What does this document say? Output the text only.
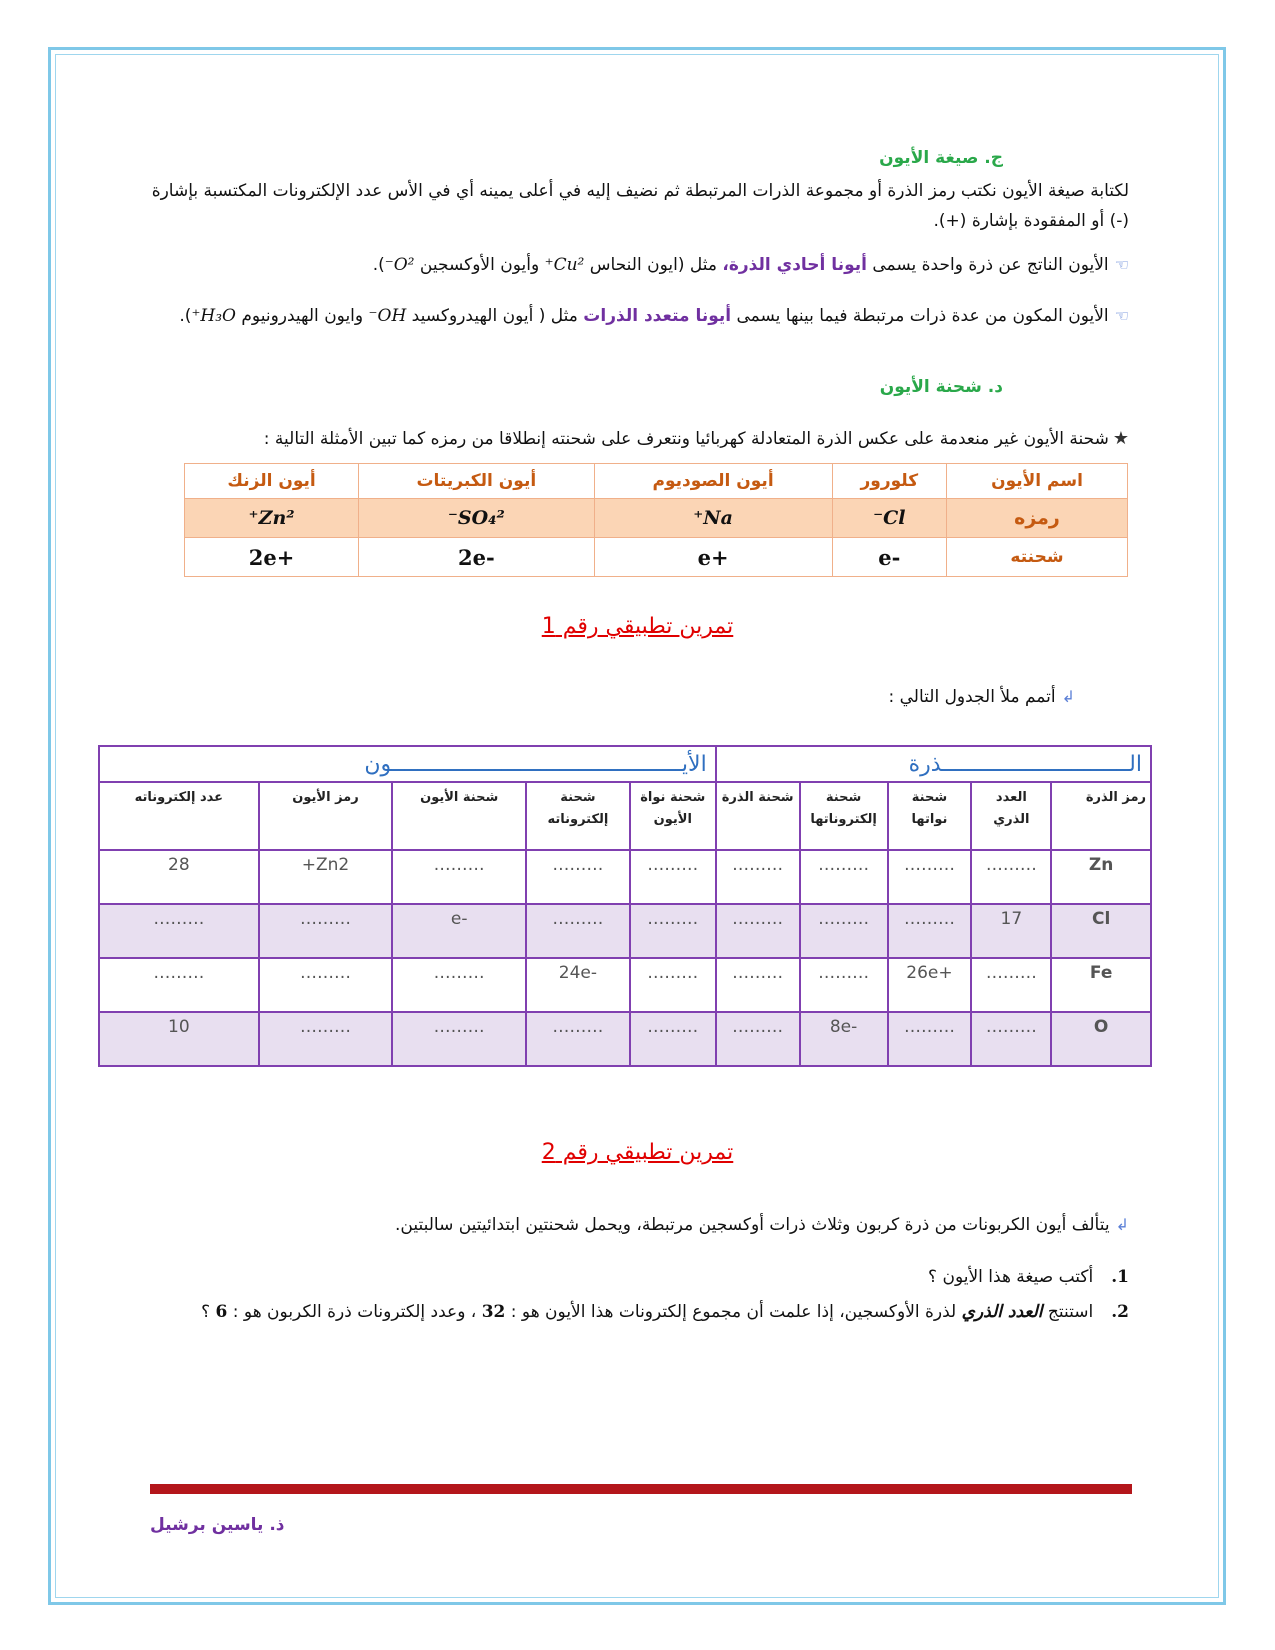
ج. صيغة الأيون
لكتابة صيغة الأيون نكتب رمز الذرة أو مجموعة الذرات المرتبطة ثم نضيف إليه في أعلى يمينه أي في الأس عدد الإلكترونات المكتسبة بإشارة (-) أو المفقودة بإشارة (+).
☜الأيون الناتج عن ذرة واحدة يسمى أيونا أحادي الذرة، مثل (ايون النحاس Cu²⁺ وأيون الأوكسجين O²⁻).
☜الأيون المكون من عدة ذرات مرتبطة فيما بينها يسمى أيونا متعدد الذرات مثل ( أيون الهيدروكسيد OH⁻ وايون الهيدرونيوم H₃O⁺).
د. شحنة الأيون
★شحنة الأيون غير منعدمة على عكس الذرة المتعادلة كهربائيا ونتعرف على شحنته إنطلاقا من رمزه كما تبين الأمثلة التالية :
اسم الأيون	كلورور	أيون الصوديوم	أيون الكبريتات	أيون الزنك
رمزه	Cl⁻	Na⁺	SO₄²⁻	Zn²⁺
شحنته	-e	+e	-2e	+2e
تمرين تطبيقي رقم 1
↲أتمم ملأ الجدول التالي :
الـــــــــــــــــــــــــــــذرة					الأيـــــــــــــــــــــــــــــــــــــــــــــون				
رمز الذرة	العدد الذري	شحنة نواتها	شحنة إلكتروناتها	شحنة الذرة	شحنة نواة الأيون	شحنة إلكتروناته	شحنة الأيون	رمز الأيون	عدد إلكتروناته
Zn	………	………	………	………	………	………	………	Zn2+	28
Cl	17	………	………	………	………	………	-e	………	………
Fe	………	+26e	………	………	………	-24e	………	………	………
O	………	………	-8e	………	………	………	………	………	10
تمرين تطبيقي رقم 2
↲يتألف أيون الكربونات من ذرة كربون وثلاث ذرات أوكسجين مرتبطة، ويحمل شحنتين ابتدائيتين سالبتين.
1.أكتب صيغة هذا الأيون ؟
2.استنتج العدد الذري لذرة الأوكسجين، إذا علمت أن مجموع إلكترونات هذا الأيون هو : 32 ، وعدد إلكترونات ذرة الكربون هو : 6 ؟
ذ. ياسين برشيل
